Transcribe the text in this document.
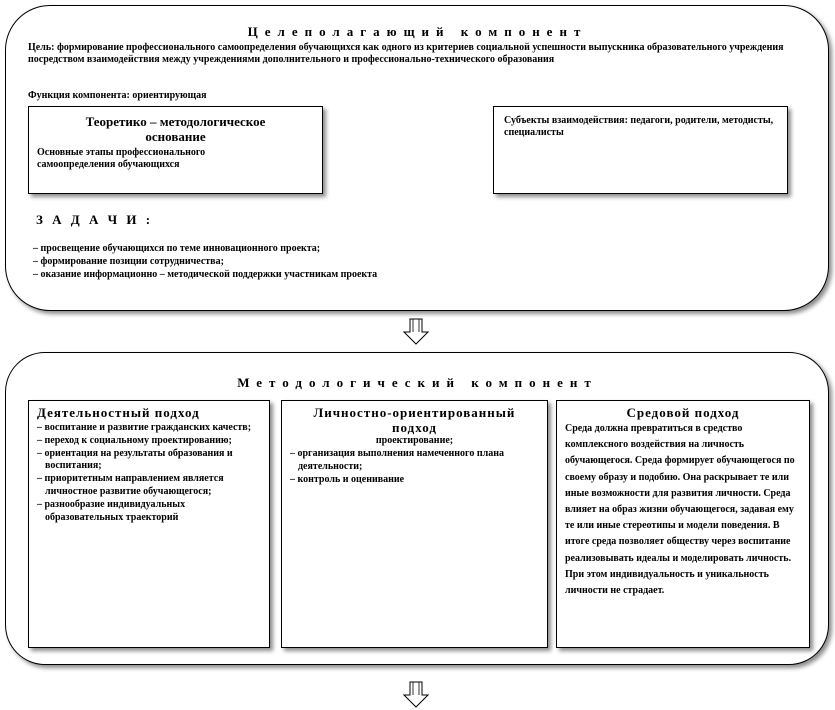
Целеполагающий компонент
Цель: формирование профессионального самоопределения обучающихся как одного из критериев социальной успешности выпускника образовательного учреждения посредством взаимодействия между учреждениями дополнительного и профессионально-технического образования
Функция компонента: ориентирующая
Теоретико – методологическое основание
Основные этапы профессионального самоопределения обучающихся
Субъекты взаимодействия: педагоги, родители, методисты, специалисты
З А Д А Ч И :
– просвещение обучающихся по теме инновационного проекта;
– формирование позиции сотрудничества;
– оказание информационно – методической поддержки участникам проекта
Методологический компонент
Деятельностный подход
– воспитание и развитие гражданских качеств;
– переход к социальному проектированию;
– ориентация на результаты образования и воспитания;
– приоритетным направлением является личностное развитие обучающегося;
– разнообразие индивидуальных образовательных траекторий
Личностно-ориентированный подход
проектирование;
– организация выполнения намеченного плана деятельности;
– контроль и оценивание
Средовой подход
Среда должна превратиться в средство комплексного воздействия на личность обучающегося. Среда формирует обучающегося по своему образу и подобию. Она раскрывает те или иные возможности для развития личности. Среда влияет на образ жизни обучающегося, задавая ему те или иные стереотипы и модели поведения. В итоге среда позволяет обществу через воспитание реализовывать идеалы и моделировать личность. При этом индивидуальность и уникальность личности не страдает.
